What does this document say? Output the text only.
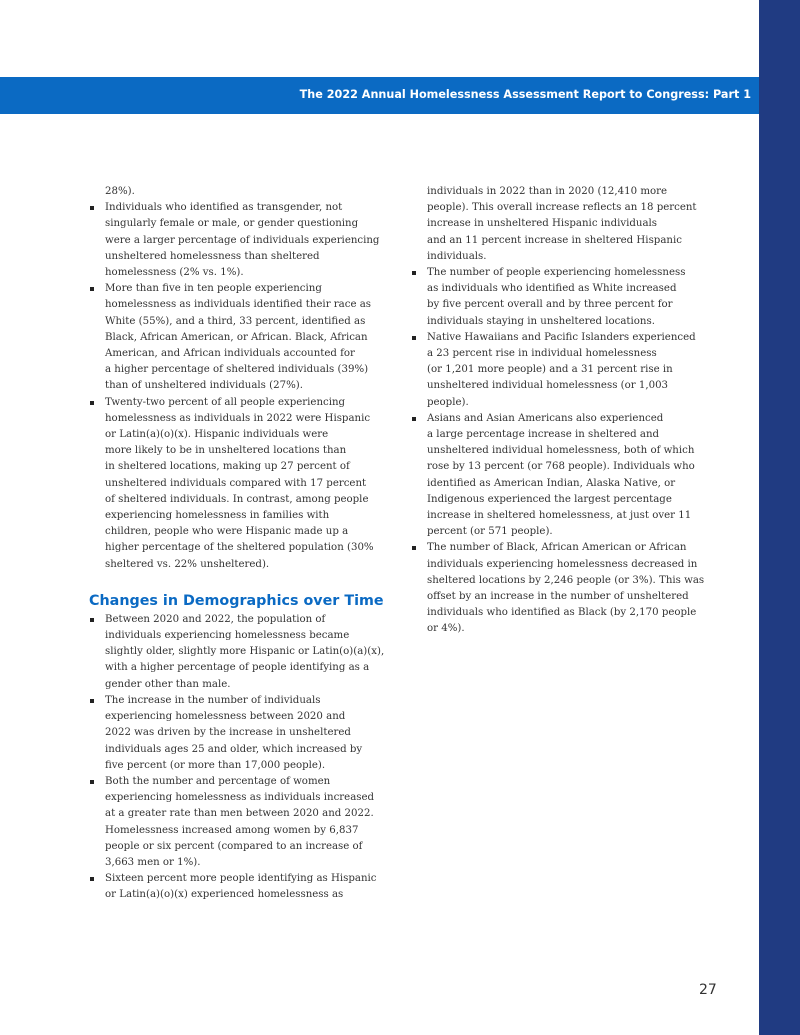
The 2022 Annual Homelessness Assessment Report to Congress: Part 1

28%).

Individuals who identified as transgender, not
singularly female or male, or gender questioning
were a larger percentage of individuals experiencing
unsheltered homelessness than sheltered
homelessness (2% vs. 1%).
More than five in ten people experiencing
homelessness as individuals identified their race as
White (55%), and a third, 33 percent, identified as
Black, African American, or African. Black, African
American, and African individuals accounted for
a higher percentage of sheltered individuals (39%)
than of unsheltered individuals (27%).
Twenty-two percent of all people experiencing
homelessness as individuals in 2022 were Hispanic
or Latin(a)(o)(x). Hispanic individuals were
more likely to be in unsheltered locations than
in sheltered locations, making up 27 percent of
unsheltered individuals compared with 17 percent
of sheltered individuals. In contrast, among people
experiencing homelessness in families with
children, people who were Hispanic made up a
higher percentage of the sheltered population (30%
sheltered vs. 22% unsheltered).
Changes in Demographics over Time
Between 2020 and 2022, the population of
individuals experiencing homelessness became
slightly older, slightly more Hispanic or Latin(o)(a)(x),
with a higher percentage of people identifying as a
gender other than male.
The increase in the number of individuals
experiencing homelessness between 2020 and
2022 was driven by the increase in unsheltered
individuals ages 25 and older, which increased by
five percent (or more than 17,000 people).
Both the number and percentage of women
experiencing homelessness as individuals increased
at a greater rate than men between 2020 and 2022.
Homelessness increased among women by 6,837
people or six percent (compared to an increase of
3,663 men or 1%).
Sixteen percent more people identifying as Hispanic
or Latin(a)(o)(x) experienced homelessness as
individuals in 2022 than in 2020 (12,410 more
people). This overall increase reflects an 18 percent
increase in unsheltered Hispanic individuals
and an 11 percent increase in sheltered Hispanic
individuals.
The number of people experiencing homelessness
as individuals who identified as White increased
by five percent overall and by three percent for
individuals staying in unsheltered locations.
Native Hawaiians and Pacific Islanders experienced
a 23 percent rise in individual homelessness
(or 1,201 more people) and a 31 percent rise in
unsheltered individual homelessness (or 1,003
people).
Asians and Asian Americans also experienced
a large percentage increase in sheltered and
unsheltered individual homelessness, both of which
rose by 13 percent (or 768 people). Individuals who
identified as American Indian, Alaska Native, or
Indigenous experienced the largest percentage
increase in sheltered homelessness, at just over 11
percent (or 571 people).
The number of Black, African American or African
individuals experiencing homelessness decreased in
sheltered locations by 2,246 people (or 3%). This was
offset by an increase in the number of unsheltered
individuals who identified as Black (by 2,170 people
or 4%).
27
